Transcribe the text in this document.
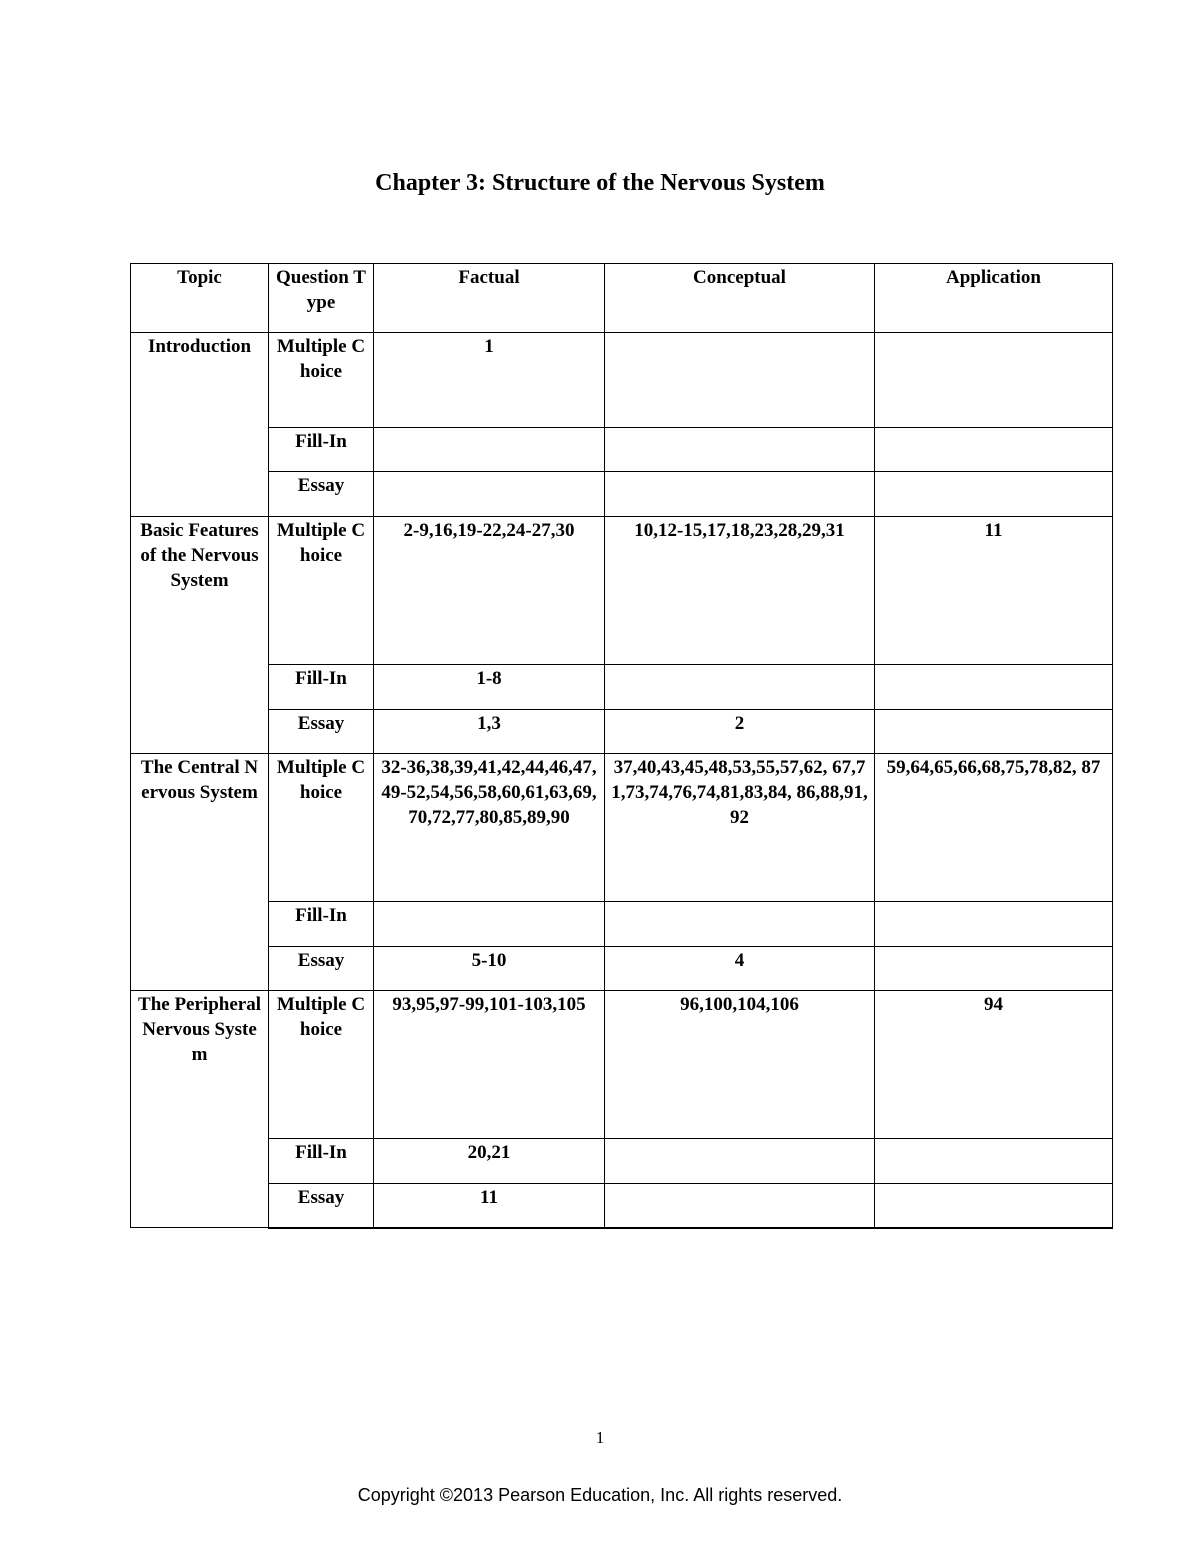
Chapter 3: Structure of the Nervous System
Topic	Question Type	Factual	Conceptual	Application
Introduction	Multiple Choice	1		
	Fill-In			
	Essay			
Basic Features of the Nervous System	Multiple Choice	2-9,16,19-22,24-27,30	10,12-15,17,18,23,28,29,31	11
	Fill-In	1-8		
	Essay	1,3	2	
The Central Nervous System	Multiple Choice	32-36,38,39,41,42,44,46,47,49-52,54,56,58,60,61,63,69,70,72,77,80,85,89,90	37,40,43,45,48,53,55,57,62, 67,71,73,74,76,74,81,83,84, 86,88,91,92	59,64,65,66,68,75,78,82, 87
	Fill-In			
	Essay	5-10	4	
The Peripheral Nervous System	Multiple Choice	93,95,97-99,101-103,105	96,100,104,106	94
	Fill-In	20,21		
	Essay	11		
1
Copyright ©2013 Pearson Education, Inc. All rights reserved.
